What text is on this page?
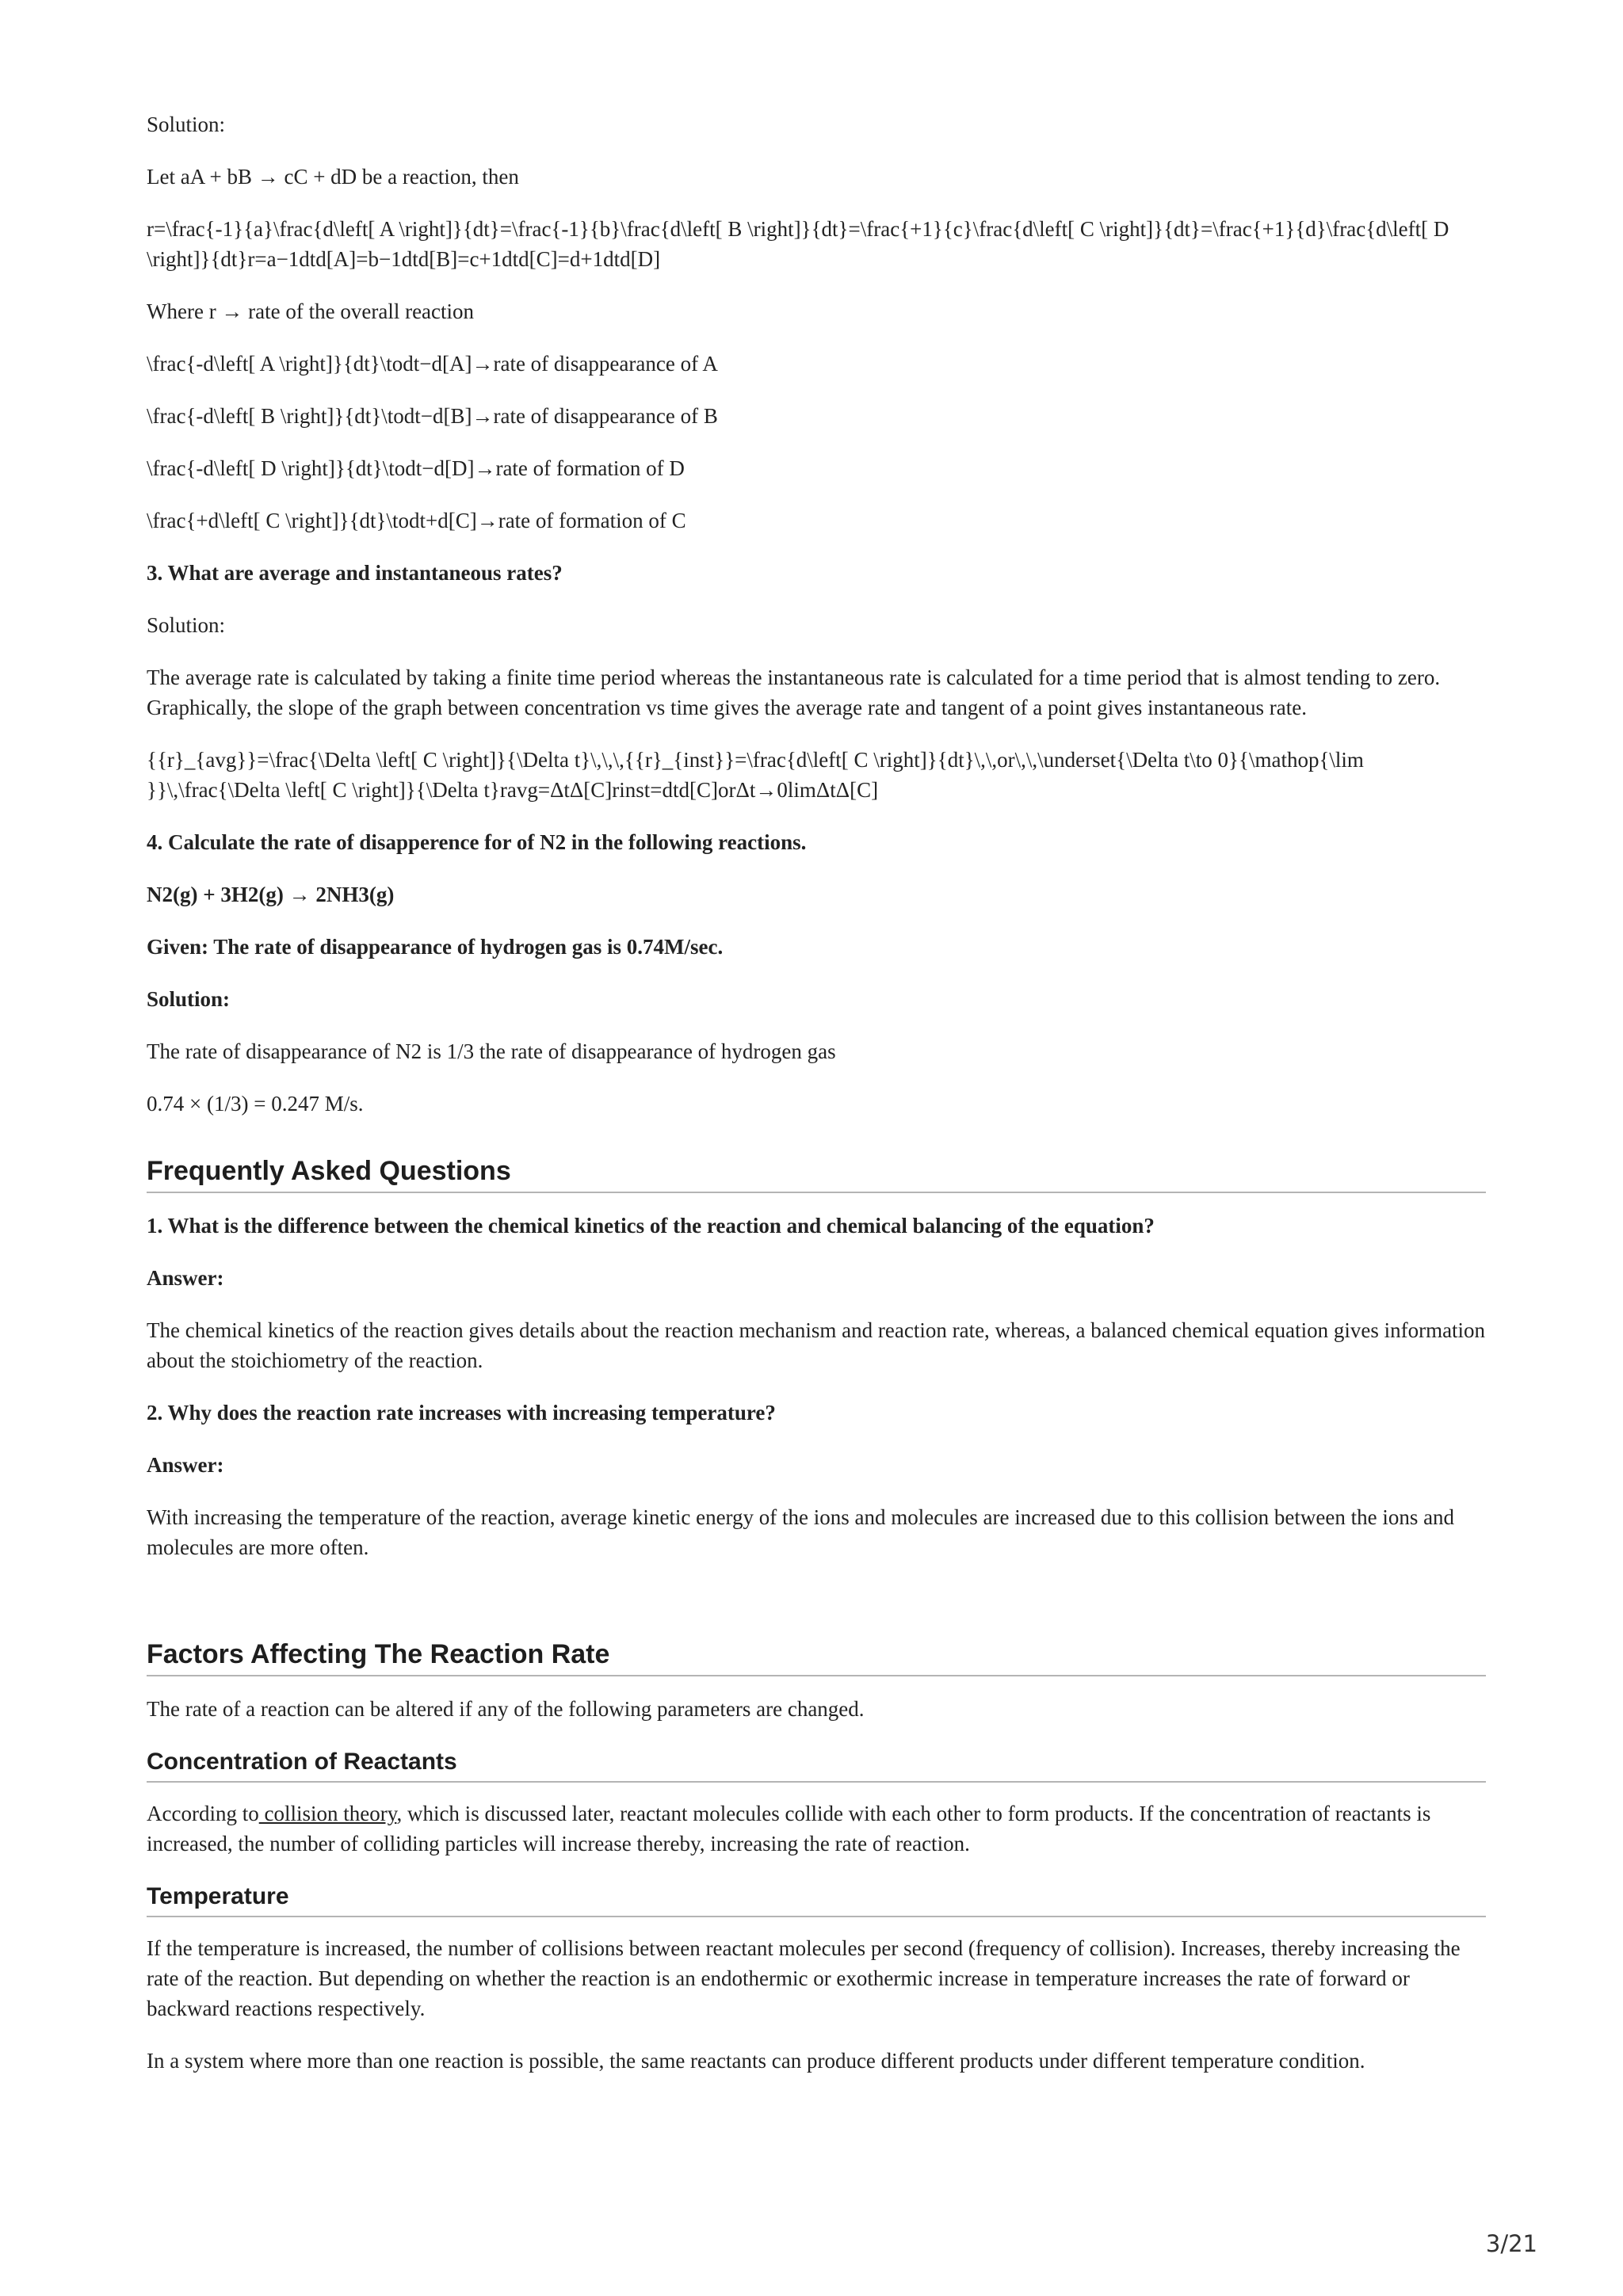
Solution:

Let aA + bB → cC + dD be a reaction, then

r=\frac{-1}{a}\frac{d\left[ A \right]}{dt}=\frac{-1}{b}\frac{d\left[ B \right]}{dt}=\frac{+1}{c}\frac{d\left[ C \right]}{dt}=\frac{+1}{d}\frac{d\left[ D \right]}{dt}r=a−1dtd[A]=b−1dtd[B]=c+1dtd[C]=d+1dtd[D]

Where r → rate of the overall reaction

\frac{-d\left[ A \right]}{dt}\todt−d[A]→rate of disappearance of A

\frac{-d\left[ B \right]}{dt}\todt−d[B]→rate of disappearance of B

\frac{-d\left[ D \right]}{dt}\todt−d[D]→rate of formation of D

\frac{+d\left[ C \right]}{dt}\todt+d[C]→rate of formation of C

3. What are average and instantaneous rates?

Solution:

The average rate is calculated by taking a finite time period whereas the instantaneous rate is calculated for a time period that is almost tending to zero. Graphically, the slope of the graph between concentration vs time gives the average rate and tangent of a point gives instantaneous rate.

{{r}_{avg}}=\frac{\Delta \left[ C \right]}{\Delta t}\,\,\,{{r}_{inst}}=\frac{d\left[ C \right]}{dt}\,\,or\,\,\underset{\Delta t\to 0}{\mathop{\lim }}\,\frac{\Delta \left[ C \right]}{\Delta t}ravg=ΔtΔ[C]rinst=dtd[C]orΔt→0limΔtΔ[C]

4. Calculate the rate of disapperence for of N2 in the following reactions.

N2(g) + 3H2(g) → 2NH3(g)

Given: The rate of disappearance of hydrogen gas is 0.74M/sec.

Solution:

The rate of disappearance of N2 is 1/3 the rate of disappearance of hydrogen gas

0.74 × (1/3) = 0.247 M/s.

Frequently Asked Questions

1. What is the difference between the chemical kinetics of the reaction and chemical balancing of the equation?

Answer:

The chemical kinetics of the reaction gives details about the reaction mechanism and reaction rate, whereas, a balanced chemical equation gives information about the stoichiometry of the reaction.

2. Why does the reaction rate increases with increasing temperature?

Answer:

With increasing the temperature of the reaction, average kinetic energy of the ions and molecules are increased due to this collision between the ions and molecules are more often.

Factors Affecting The Reaction Rate

The rate of a reaction can be altered if any of the following parameters are changed.

Concentration of Reactants

According to collision theory, which is discussed later, reactant molecules collide with each other to form products. If the concentration of reactants is increased, the number of colliding particles will increase thereby, increasing the rate of reaction.

Temperature

If the temperature is increased, the number of collisions between reactant molecules per second (frequency of collision). Increases, thereby increasing the rate of the reaction. But depending on whether the reaction is an endothermic or exothermic increase in temperature increases the rate of forward or backward reactions respectively.

In a system where more than one reaction is possible, the same reactants can produce different products under different temperature condition.

3/21
